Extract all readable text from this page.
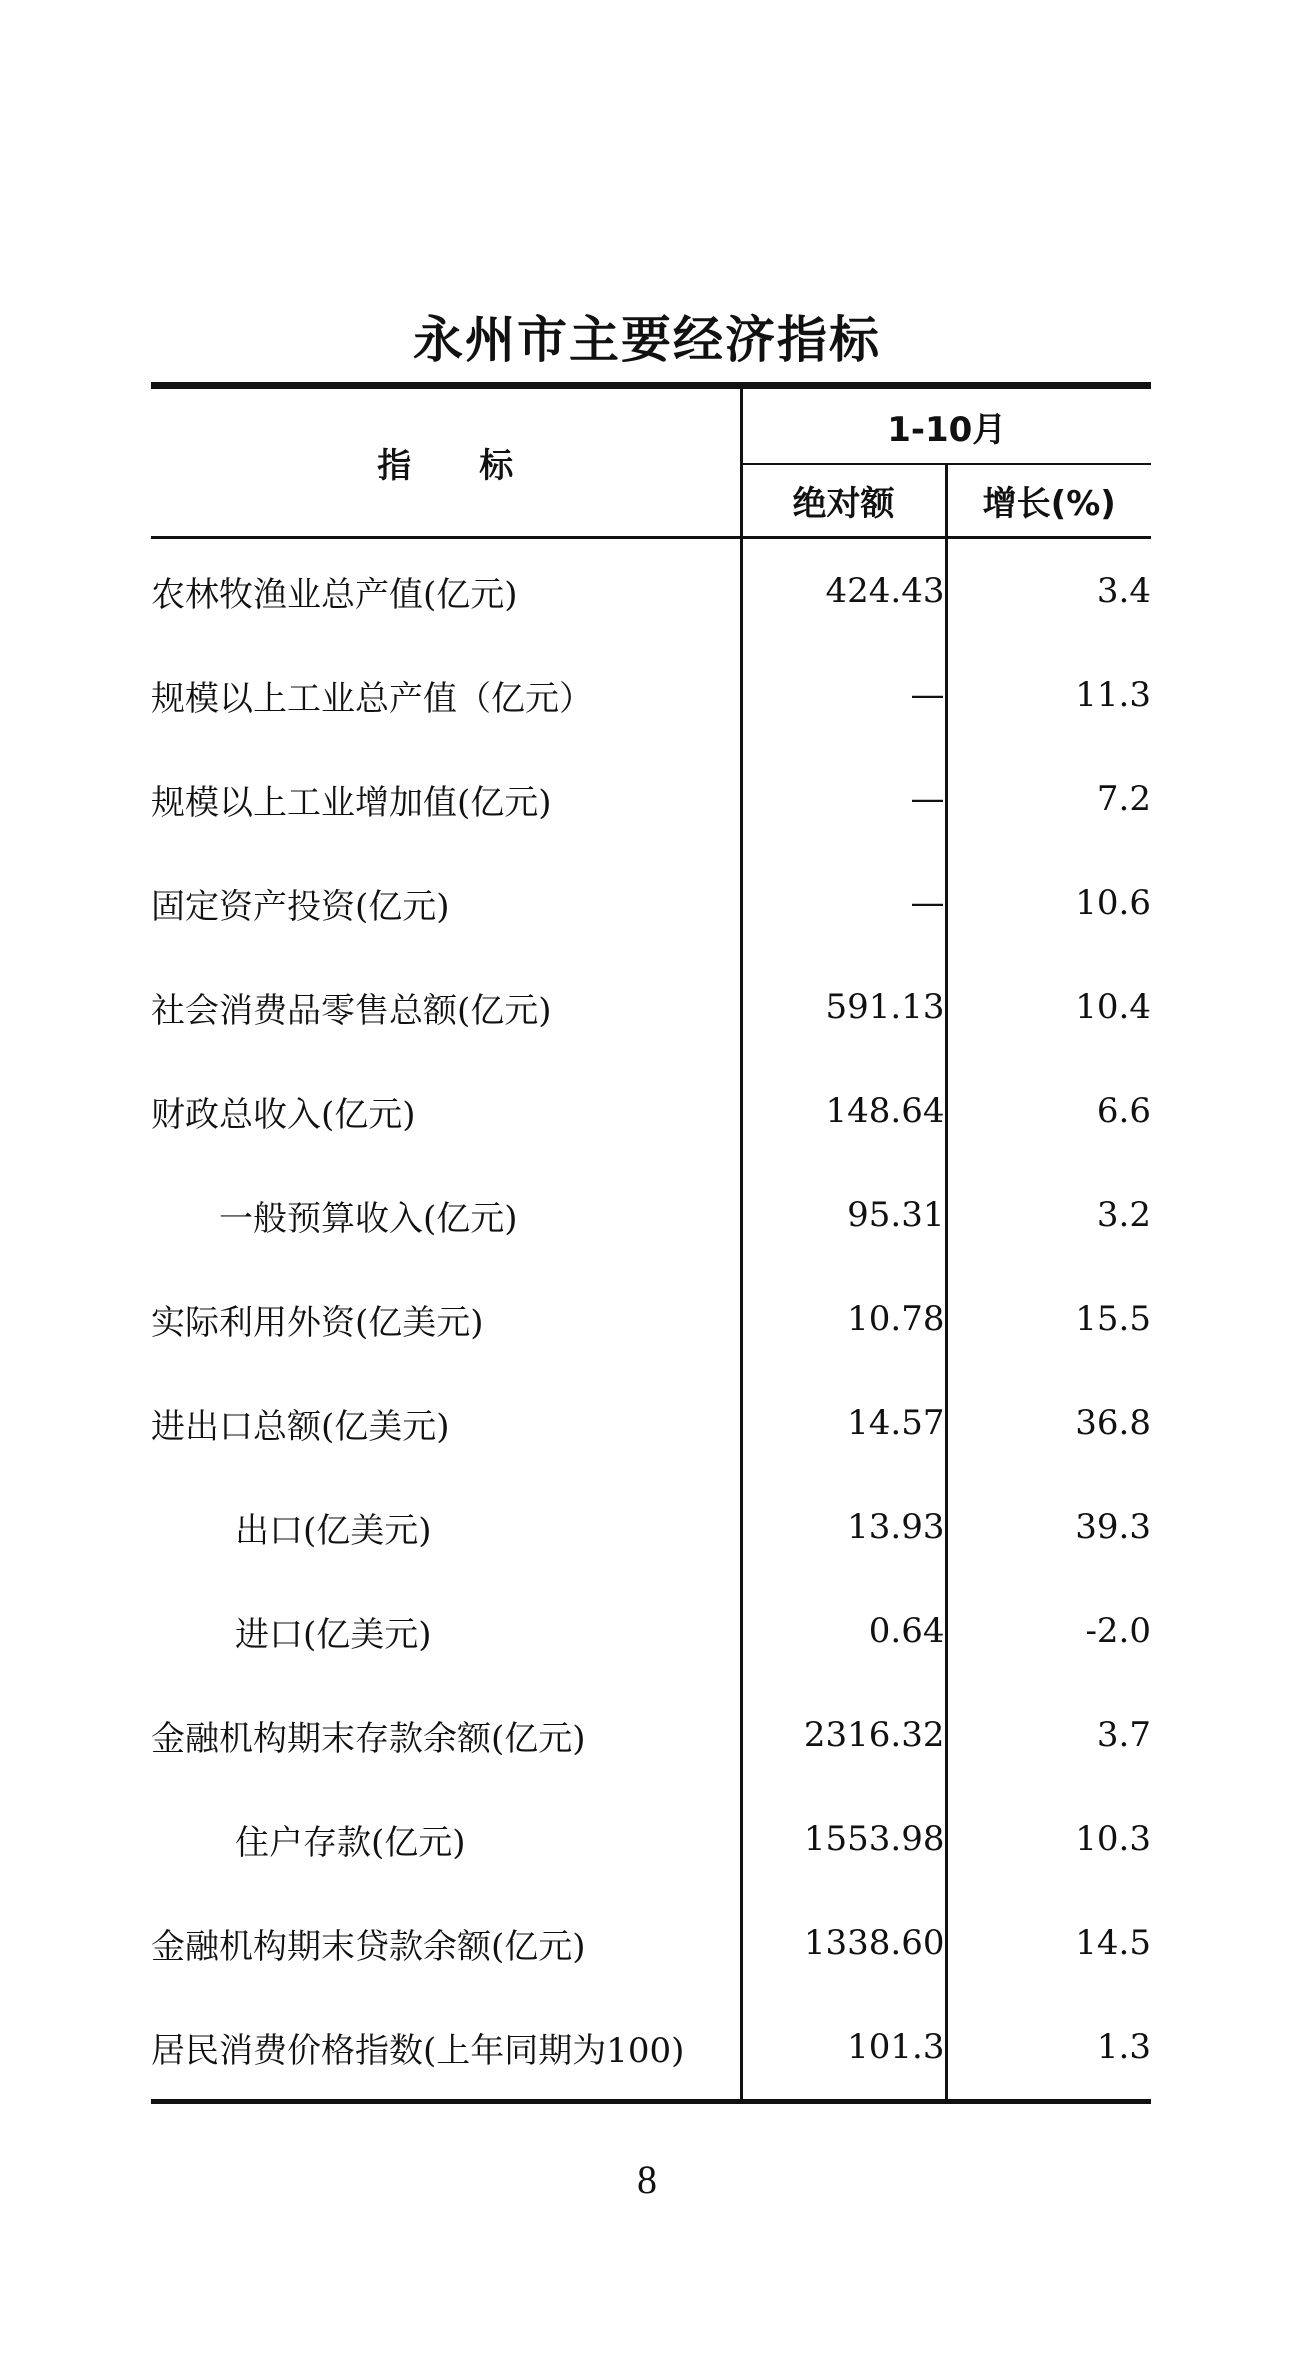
永州市主要经济指标
指　　标	1-10月	
	绝对额	增长(%)
农林牧渔业总产值(亿元)	424.43	3.4
规模以上工业总产值（亿元）	—	11.3
规模以上工业增加值(亿元)	—	7.2
固定资产投资(亿元)	—	10.6
社会消费品零售总额(亿元)	591.13	10.4
财政总收入(亿元)	148.64	6.6
一般预算收入(亿元)	95.31	3.2
实际利用外资(亿美元)	10.78	15.5
进出口总额(亿美元)	14.57	36.8
出口(亿美元)	13.93	39.3
进口(亿美元)	0.64	-2.0
金融机构期末存款余额(亿元)	2316.32	3.7
住户存款(亿元)	1553.98	10.3
金融机构期末贷款余额(亿元)	1338.60	14.5
居民消费价格指数(上年同期为100)	101.3	1.3
8
